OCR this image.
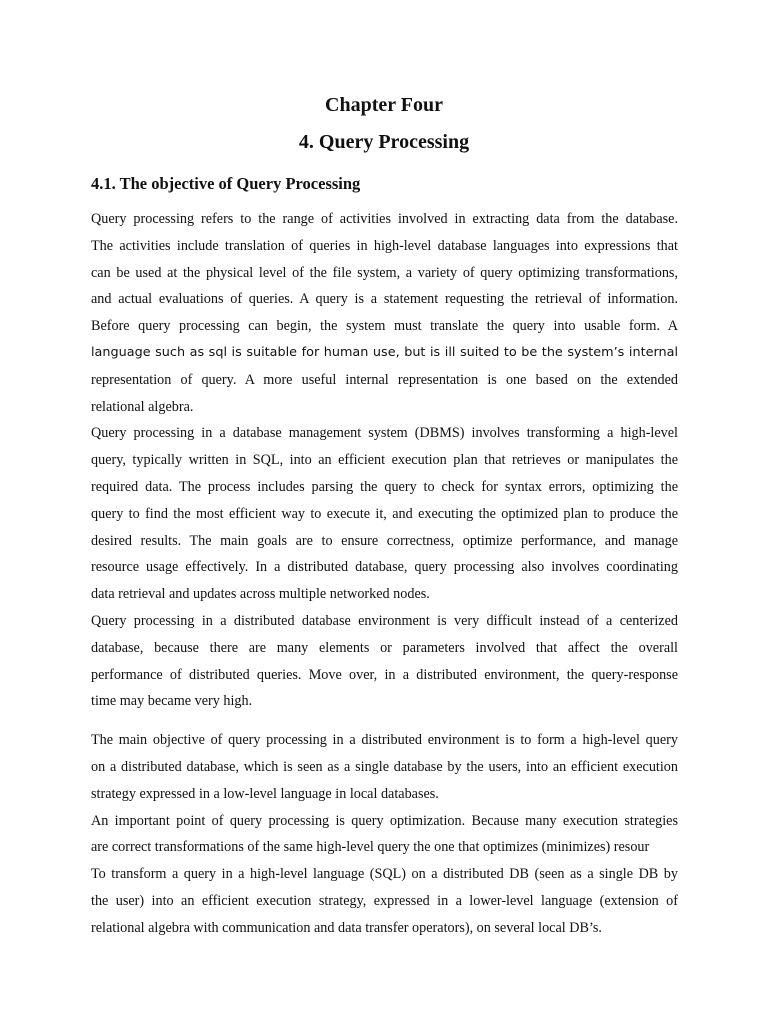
Chapter Four
4. Query Processing
4.1. The objective of Query Processing

Query processing refers to the range of activities involved in extracting data from the database.
The activities include translation of queries in high-level database languages into expressions that
can be used at the physical level of the file system, a variety of query optimizing transformations,
and actual evaluations of queries. A query is a statement requesting the retrieval of information.
Before query processing can begin, the system must translate the query into usable form. A
language such as sql is suitable for human use, but is ill suited to be the system’s internal
representation of query. A more useful internal representation is one based on the extended
relational algebra.

Query processing in a database management system (DBMS) involves transforming a high-level
query, typically written in SQL, into an efficient execution plan that retrieves or manipulates the
required data. The process includes parsing the query to check for syntax errors, optimizing the
query to find the most efficient way to execute it, and executing the optimized plan to produce the
desired results. The main goals are to ensure correctness, optimize performance, and manage
resource usage effectively. In a distributed database, query processing also involves coordinating
data retrieval and updates across multiple networked nodes.

Query processing in a distributed database environment is very difficult instead of a centerized
database, because there are many elements or parameters involved that affect the overall
performance of distributed queries. Move over, in a distributed environment, the query-response
time may became very high.

The main objective of query processing in a distributed environment is to form a high-level query
on a distributed database, which is seen as a single database by the users, into an efficient execution
strategy expressed in a low-level language in local databases.

An important point of query processing is query optimization. Because many execution strategies
are correct transformations of the same high-level query the one that optimizes (minimizes) resour
To transform a query in a high-level language (SQL) on a distributed DB (seen as a single DB by
the user) into an efficient execution strategy, expressed in a lower-level language (extension of
relational algebra with communication and data transfer operators), on several local DB’s.
